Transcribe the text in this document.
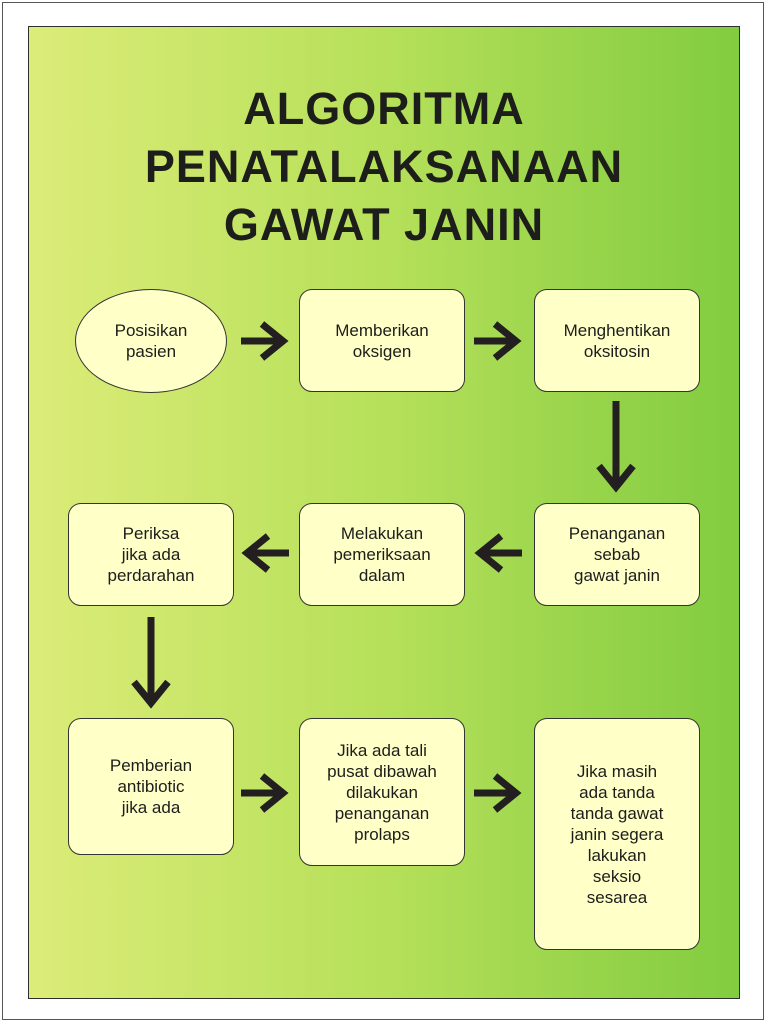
ALGORITMA
PENATALAKSANAAN
GAWAT JANIN
Posisikan
pasien
Memberikan
oksigen
Menghentikan
oksitosin
Penanganan
sebab
gawat janin
Melakukan
pemeriksaan
dalam
Periksa
jika ada
perdarahan
Pemberian
antibiotic
jika ada
Jika ada tali
pusat dibawah
dilakukan
penanganan
prolaps
Jika masih
ada tanda
tanda gawat
janin segera
lakukan
seksio
sesarea
